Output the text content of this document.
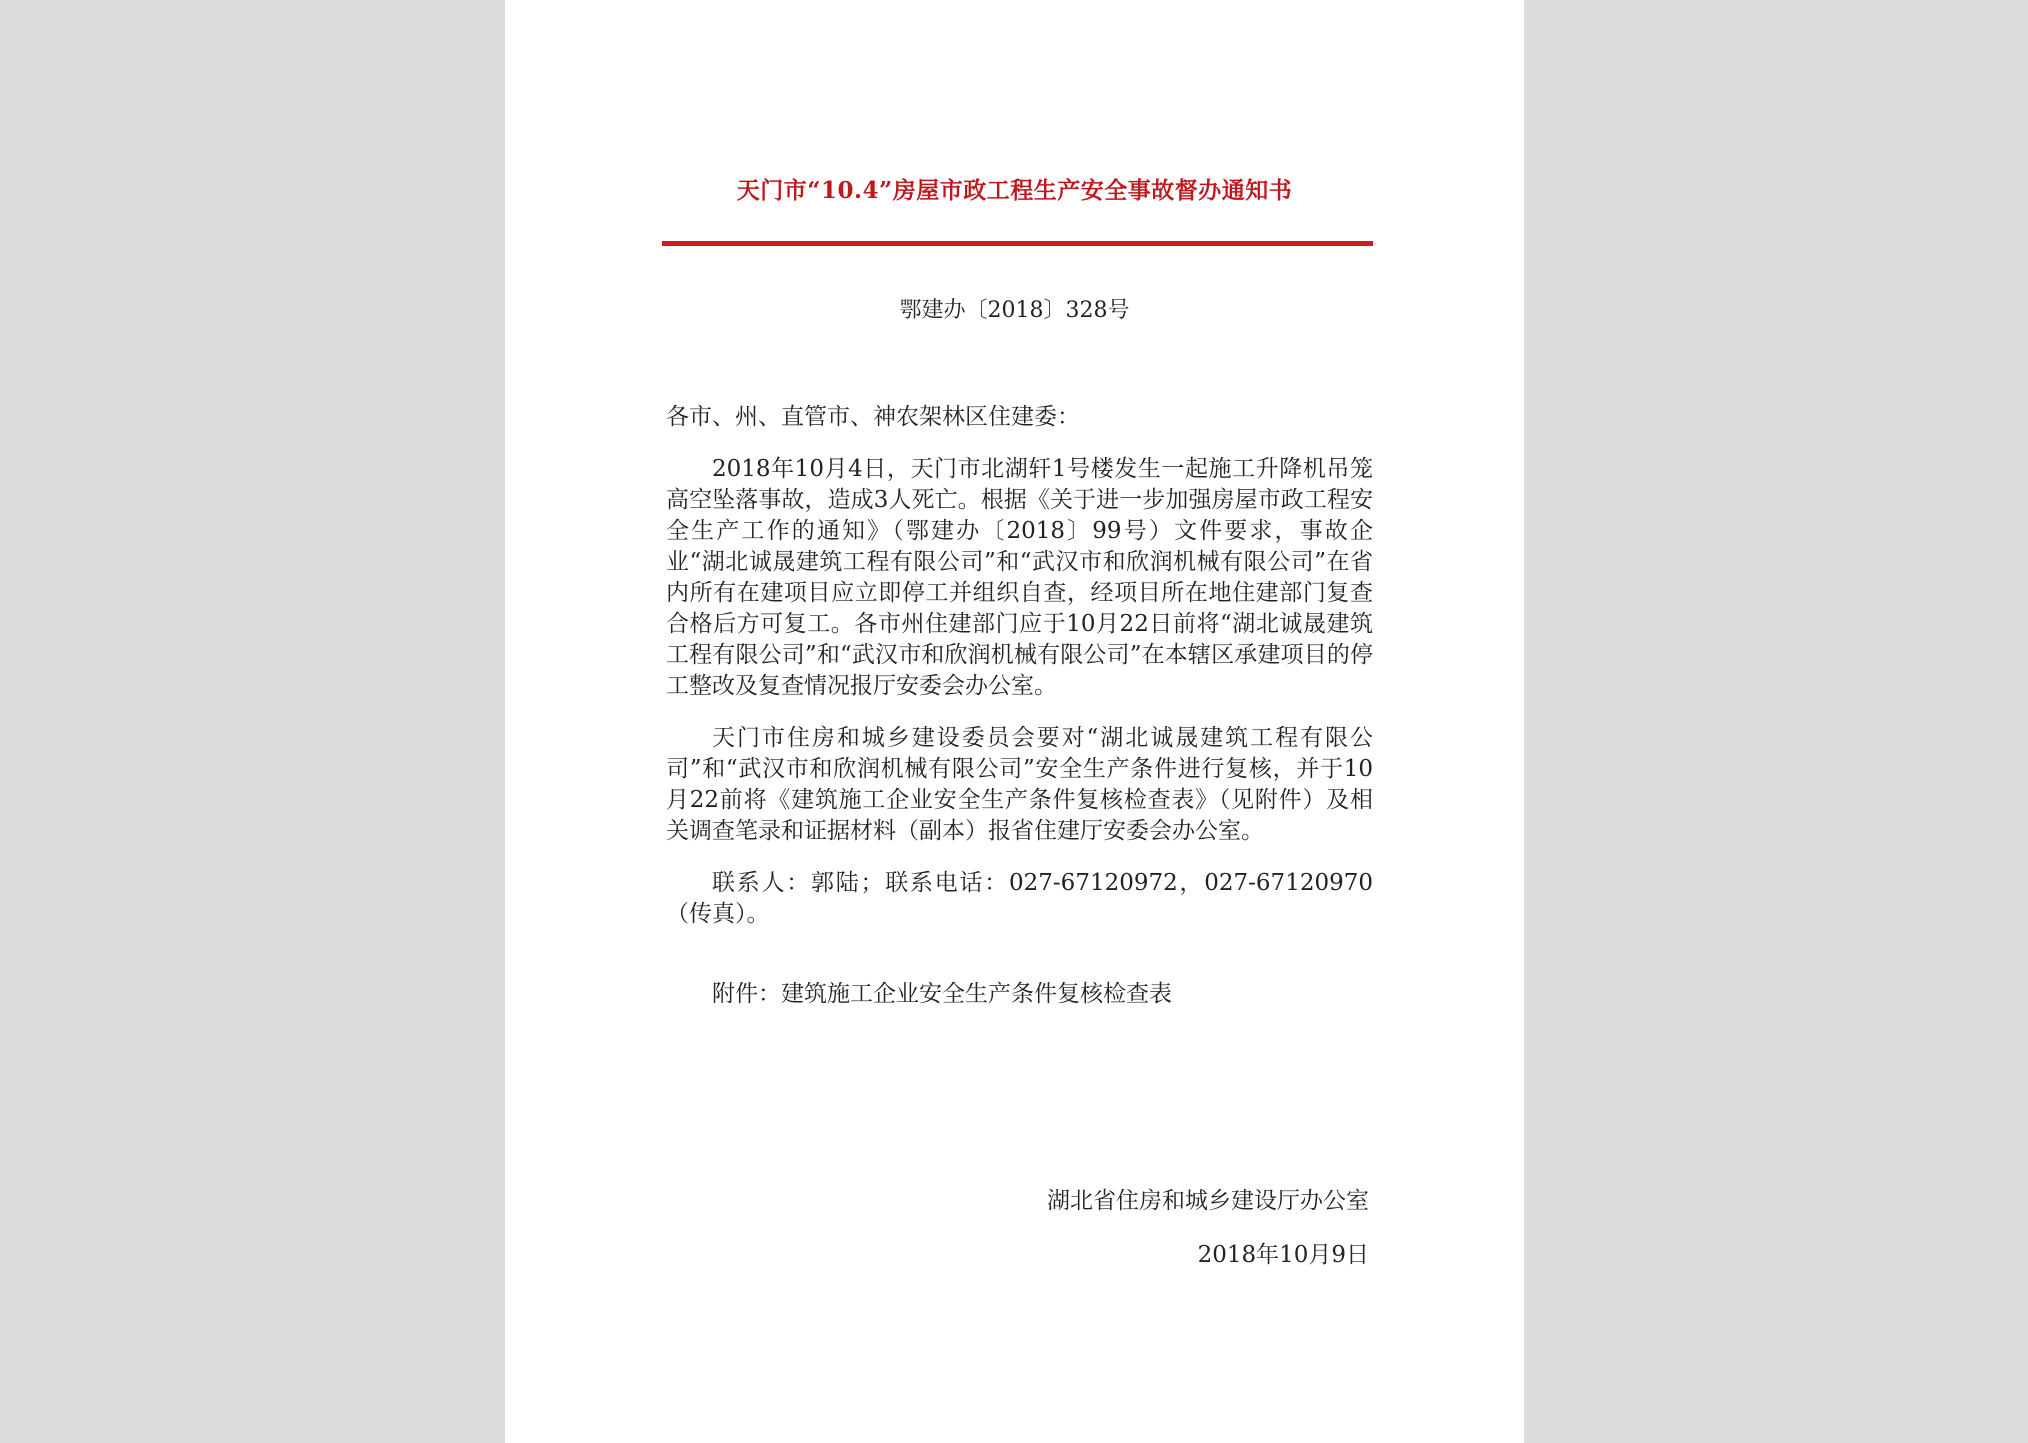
天门市“10.4”房屋市政工程生产安全事故督办通知书
鄂建办〔2018〕328号

各市、州、直管市、神农架林区住建委：

2018年10月4日，天门市北湖轩1号楼发生一起施工升降机吊笼高空坠落事故，造成3人死亡。根据《关于进一步加强房屋市政工程安全生产工作的通知》（鄂建办〔2018〕99号）文件要求，事故企业“湖北诚晟建筑工程有限公司”和“武汉市和欣润机械有限公司”在省内所有在建项目应立即停工并组织自查，经项目所在地住建部门复查合格后方可复工。各市州住建部门应于10月22日前将“湖北诚晟建筑工程有限公司”和“武汉市和欣润机械有限公司”在本辖区承建项目的停工整改及复查情况报厅安委会办公室。

天门市住房和城乡建设委员会要对“湖北诚晟建筑工程有限公司”和“武汉市和欣润机械有限公司”安全生产条件进行复核，并于10月22前将《建筑施工企业安全生产条件复核检查表》（见附件）及相关调查笔录和证据材料（副本）报省住建厅安委会办公室。

联系人：郭陆；联系电话：027-67120972，027-67120970（传真）。

附件：建筑施工企业安全生产条件复核检查表

湖北省住房和城乡建设厅办公室
2018年10月9日
